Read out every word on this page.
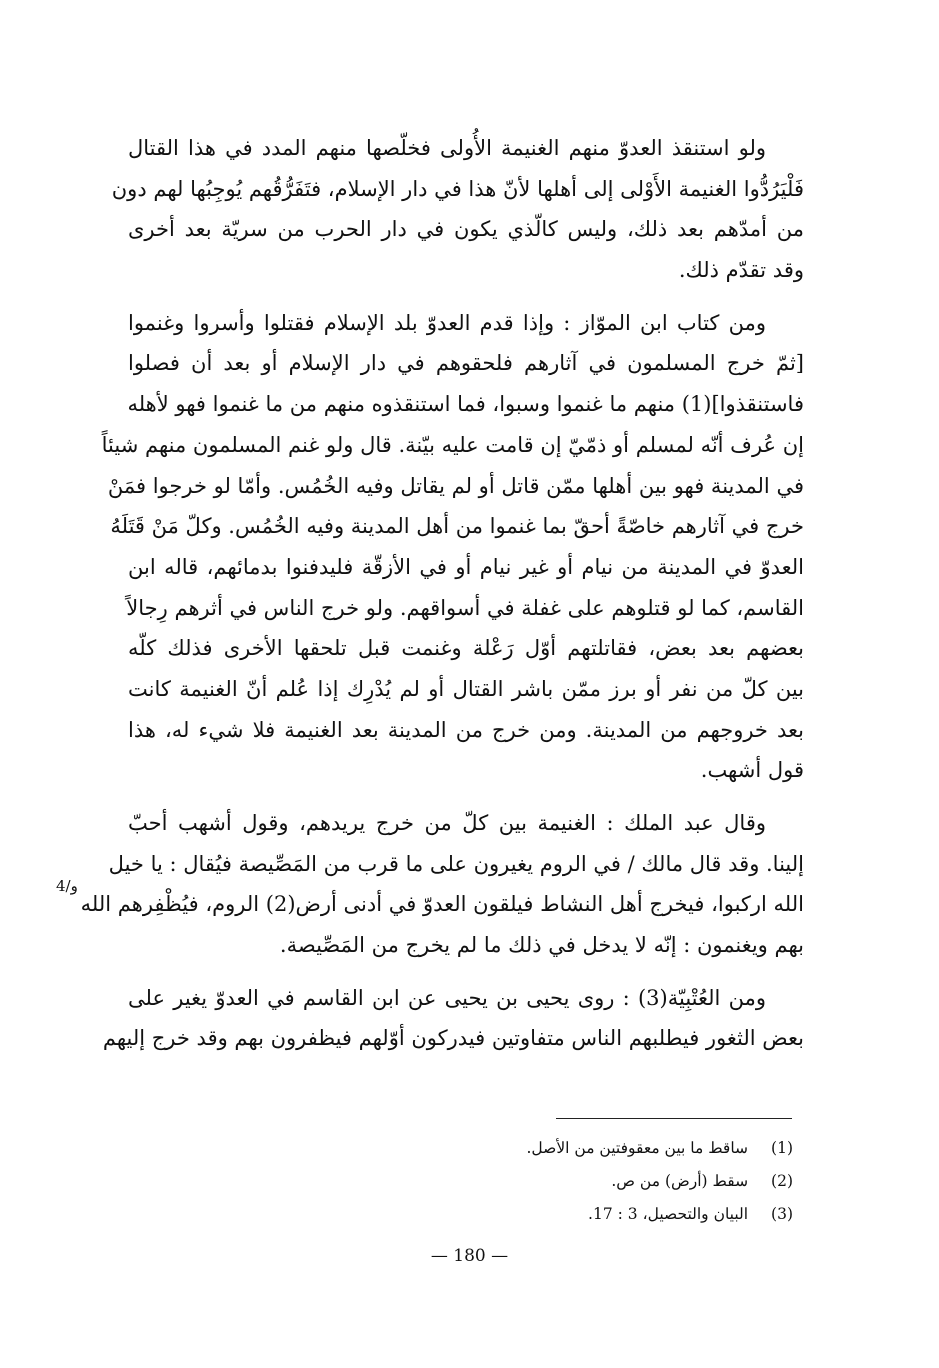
ولو استنقذ العدوّ منهم الغنيمة الأُولى فخلّصها منهم المدد في هذا القتال
فَلْيَرُدُّوا الغنيمة الأَوْلى إلى أهلها لأنّ هذا في دار الإسلام، فتَفَرُّقُهم يُوجِبُها لهم دون
من أمدّهم بعد ذلك، وليس كالّذي يكون في دار الحرب من سريّة بعد أخرى
وقد تقدّم ذلك.
ومن كتاب ابن الموّاز : وإذا قدم العدوّ بلد الإسلام فقتلوا وأسروا وغنموا
[ثمّ خرج المسلمون في آثارهم فلحقوهم في دار الإسلام أو بعد أن فصلوا
فاستنقذوا](1) منهم ما غنموا وسبوا، فما استنقذوه منهم من ما غنموا فهو لأهله
إن عُرف أنّه لمسلم أو ذمّيّ إن قامت عليه بيّنة. قال ولو غنم المسلمون منهم شيئاً
في المدينة فهو بين أهلها ممّن قاتل أو لم يقاتل وفيه الخُمُس. وأمّا لو خرجوا فمَنْ
خرج في آثارهم خاصّةً أحقّ بما غنموا من أهل المدينة وفيه الخُمُس. وكلّ مَنْ قَتَلَهُ
العدوّ في المدينة من نيام أو غير نيام أو في الأزقّة فليدفنوا بدمائهم، قاله ابن
القاسم، كما لو قتلوهم على غفلة في أسواقهم. ولو خرج الناس في أثرهم رِجالاً
بعضهم بعد بعض، فقاتلتهم أوّل رَعْلة وغنمت قبل تلحقها الأخرى فذلك كلّه
بين كلّ من نفر أو برز ممّن باشر القتال أو لم يُدْرِك إذا عُلم أنّ الغنيمة كانت
بعد خروجهم من المدينة. ومن خرج من المدينة بعد الغنيمة فلا شيء له، هذا
قول أشهب.
وقال عبد الملك : الغنيمة بين كلّ من خرج يريدهم، وقول أشهب أحبّ
إلينا. وقد قال مالك / في الروم يغيرون على ما قرب من المَصِّيصة فيُقال : يا خيل
الله اركبوا، فيخرج أهل النشاط فيلقون العدوّ في أدنى أرض(2) الروم، فيُظْفِرهم الله
بهم ويغنمون : إنّه لا يدخل في ذلك ما لم يخرج من المَصِّيصة.
ومن العُتْبِيّة(3) : روى يحيى بن يحيى عن ابن القاسم في العدوّ يغير على
بعض الثغور فيطلبهم الناس متفاوتين فيدركون أوّلهم فيظفرون بهم وقد خرج إليهم
4/و
(1) ساقط ما بين معقوفتين من الأصل.
(2) سقط (أرض) من ص.
(3) البيان والتحصيل، 3 : 17.
— 180 —
